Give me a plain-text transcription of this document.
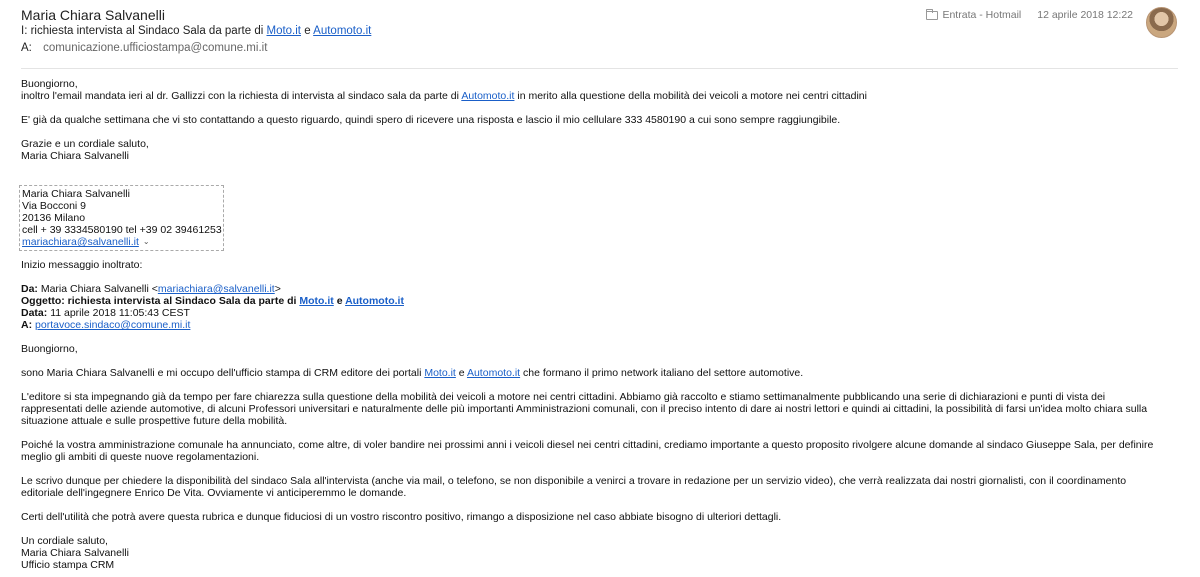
Maria Chiara Salvanelli
I: richiesta intervista al Sindaco Sala da parte di Moto.it e Automoto.it
A: comunicazione.ufficiostampa@comune.mi.it
Entrata - Hotmail 12 aprile 2018 12:22
Buongiorno,
inoltro l'email mandata ieri al dr. Gallizzi con la richiesta di intervista al sindaco sala da parte di Automoto.it in merito alla questione della mobilità dei veicoli a motore nei centri cittadini
E' già da qualche settimana che vi sto contattando a questo riguardo, quindi spero di ricevere una risposta e lascio il mio cellulare 333 4580190 a cui sono sempre raggiungibile.
Grazie e un cordiale saluto,
Maria Chiara Salvanelli
Maria Chiara Salvanelli
Via Bocconi 9
20136 Milano
cell + 39 3334580190 tel +39 02 39461253
mariachiara@salvanelli.it ⌄
Inizio messaggio inoltrato:
Da: Maria Chiara Salvanelli <mariachiara@salvanelli.it>
Oggetto: richiesta intervista al Sindaco Sala da parte di Moto.it e Automoto.it
Data: 11 aprile 2018 11:05:43 CEST
A: portavoce.sindaco@comune.mi.it
Buongiorno,
sono Maria Chiara Salvanelli e mi occupo dell'ufficio stampa di CRM editore dei portali Moto.it e Automoto.it che formano il primo network italiano del settore automotive.
L'editore si sta impegnando già da tempo per fare chiarezza sulla questione della mobilità dei veicoli a motore nei centri cittadini. Abbiamo già raccolto e stiamo settimanalmente pubblicando una serie di dichiarazioni e punti di vista dei rappresentati delle aziende automotive, di alcuni Professori universitari e naturalmente delle più importanti Amministrazioni comunali, con il preciso intento di dare ai nostri lettori e quindi ai cittadini, la possibilità di farsi un'idea molto chiara sulla situazione attuale e sulle prospettive future della mobilità.
Poiché la vostra amministrazione comunale ha annunciato, come altre, di voler bandire nei prossimi anni i veicoli diesel nei centri cittadini, crediamo importante a questo proposito rivolgere alcune domande al sindaco Giuseppe Sala, per definire meglio gli ambiti di queste nuove regolamentazioni.
Le scrivo dunque per chiedere la disponibilità del sindaco Sala all'intervista (anche via mail, o telefono, se non disponibile a venirci a trovare in redazione per un servizio video), che verrà realizzata dai nostri giornalisti, con il coordinamento editoriale dell'ingegnere Enrico De Vita. Ovviamente vi anticiperemmo le domande.
Certi dell'utilità che potrà avere questa rubrica e dunque fiduciosi di un vostro riscontro positivo, rimango a disposizione nel caso abbiate bisogno di ulteriori dettagli.
Un cordiale saluto,
Maria Chiara Salvanelli
Ufficio stampa CRM
